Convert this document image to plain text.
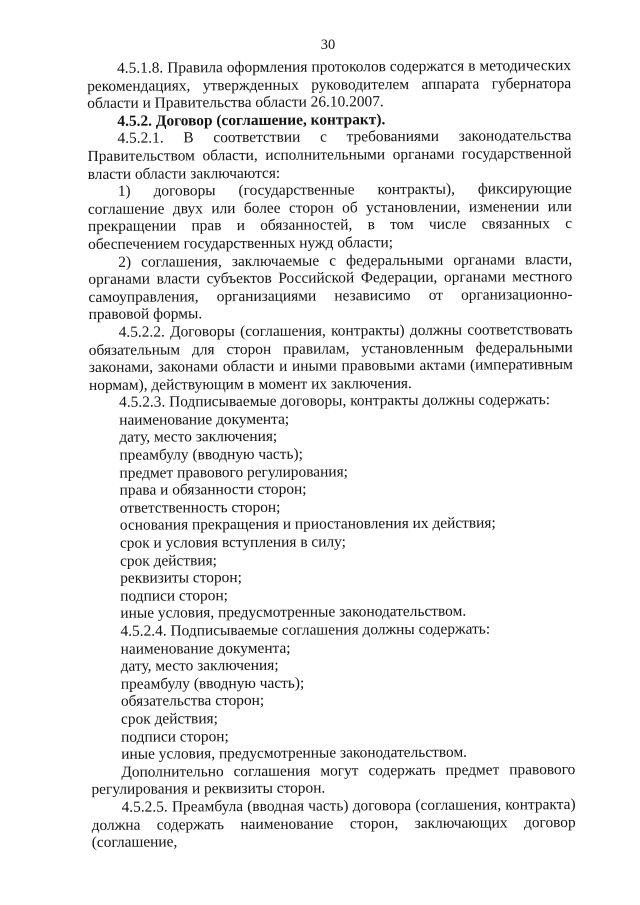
30

4.5.1.8. Правила оформления протоколов содержатся в методических рекомендациях, утвержденных руководителем аппарата губернатора области и Правительства области 26.10.2007.

4.5.2. Договор (соглашение, контракт).

4.5.2.1. В соответствии с требованиями законодательства Правительством области, исполнительными органами государственной власти области заключаются:

1) договоры (государственные контракты), фиксирующие соглашение двух или более сторон об установлении, изменении или прекращении прав и обязанностей, в том числе связанных с обеспечением государственных нужд области;

2) соглашения, заключаемые с федеральными органами власти, органами власти субъектов Российской Федерации, органами местного самоуправления, организациями независимо от организационно-правовой формы.

4.5.2.2. Договоры (соглашения, контракты) должны соответствовать обязательным для сторон правилам, установленным федеральными законами, законами области и иными правовыми актами (императивным нормам), действующим в момент их заключения.

4.5.2.3. Подписываемые договоры, контракты должны содержать:

наименование документа;

дату, место заключения;

преамбулу (вводную часть);

предмет правового регулирования;

права и обязанности сторон;

ответственность сторон;

основания прекращения и приостановления их действия;

срок и условия вступления в силу;

срок действия;

реквизиты сторон;

подписи сторон;

иные условия, предусмотренные законодательством.

4.5.2.4. Подписываемые соглашения должны содержать:

наименование документа;

дату, место заключения;

преамбулу (вводную часть);

обязательства сторон;

срок действия;

подписи сторон;

иные условия, предусмотренные законодательством.

Дополнительно соглашения могут содержать предмет правового регулирования и реквизиты сторон.

4.5.2.5. Преамбула (вводная часть) договора (соглашения, контракта) должна содержать наименование сторон, заключающих договор (соглашение,
